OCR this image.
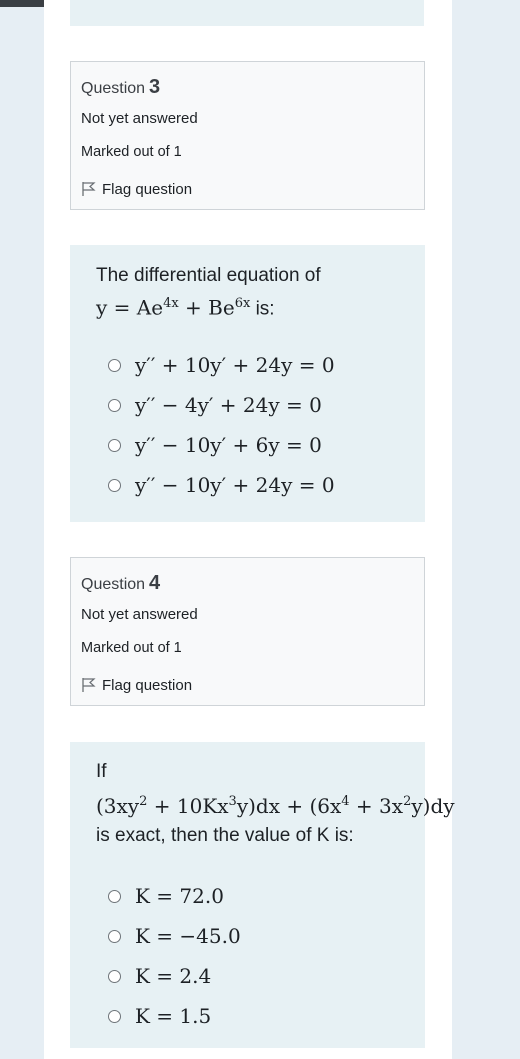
Question 3
Not yet answered
Marked out of 1
Flag question
The differential equation of
$y = Ae^{4x} + Be^{6x}$ is:
y′′ + 10y′ + 24y = 0
y′′ − 4y′ + 24y = 0
y′′ − 10y′ + 6y = 0
y′′ − 10y′ + 24y = 0
Question 4
Not yet answered
Marked out of 1
Flag question
If
$(3xy^2 + 10Kx^3y)dx + (6x^4 + 3x^2y)dy$
is exact, then the value of K is:
K = 72.0
K = −45.0
K = 2.4
K = 1.5
